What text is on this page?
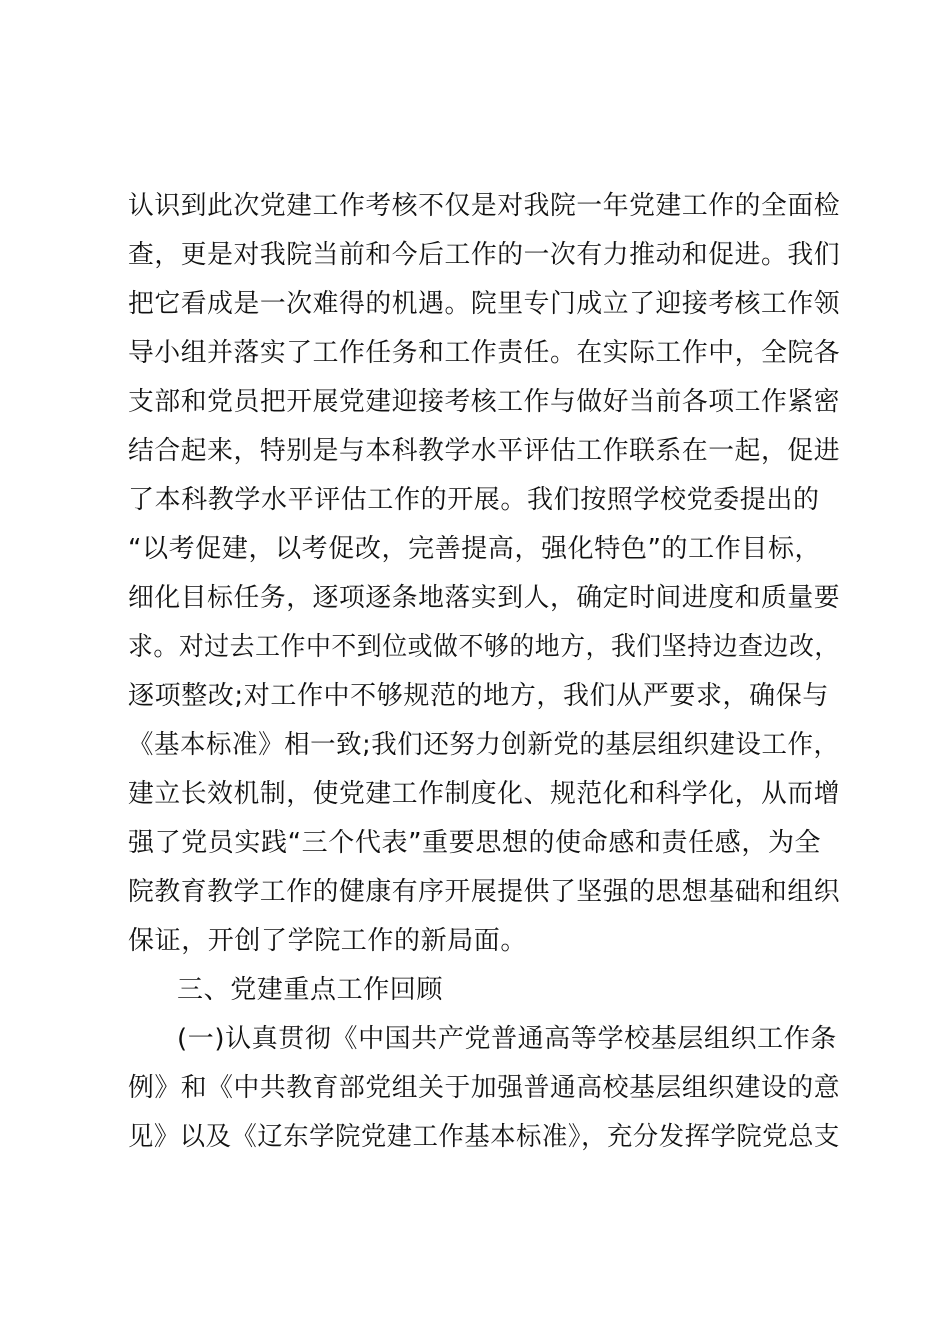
认识到此次党建工作考核不仅是对我院一年党建工作的全面检
查，更是对我院当前和今后工作的一次有力推动和促进。我们
把它看成是一次难得的机遇。院里专门成立了迎接考核工作领
导小组并落实了工作任务和工作责任。在实际工作中，全院各
支部和党员把开展党建迎接考核工作与做好当前各项工作紧密
结合起来，特别是与本科教学水平评估工作联系在一起，促进
了本科教学水平评估工作的开展。我们按照学校党委提出的
“以考促建，以考促改，完善提高，强化特色”的工作目标，
细化目标任务，逐项逐条地落实到人，确定时间进度和质量要
求。对过去工作中不到位或做不够的地方，我们坚持边查边改，
逐项整改;对工作中不够规范的地方，我们从严要求，确保与
《基本标准》相一致;我们还努力创新党的基层组织建设工作，
建立长效机制，使党建工作制度化、规范化和科学化，从而增
强了党员实践“三个代表”重要思想的使命感和责任感，为全
院教育教学工作的健康有序开展提供了坚强的思想基础和组织
保证，开创了学院工作的新局面。
三、党建重点工作回顾
(一)认真贯彻《中国共产党普通高等学校基层组织工作条
例》和《中共教育部党组关于加强普通高校基层组织建设的意
见》以及《辽东学院党建工作基本标准》，充分发挥学院党总支
